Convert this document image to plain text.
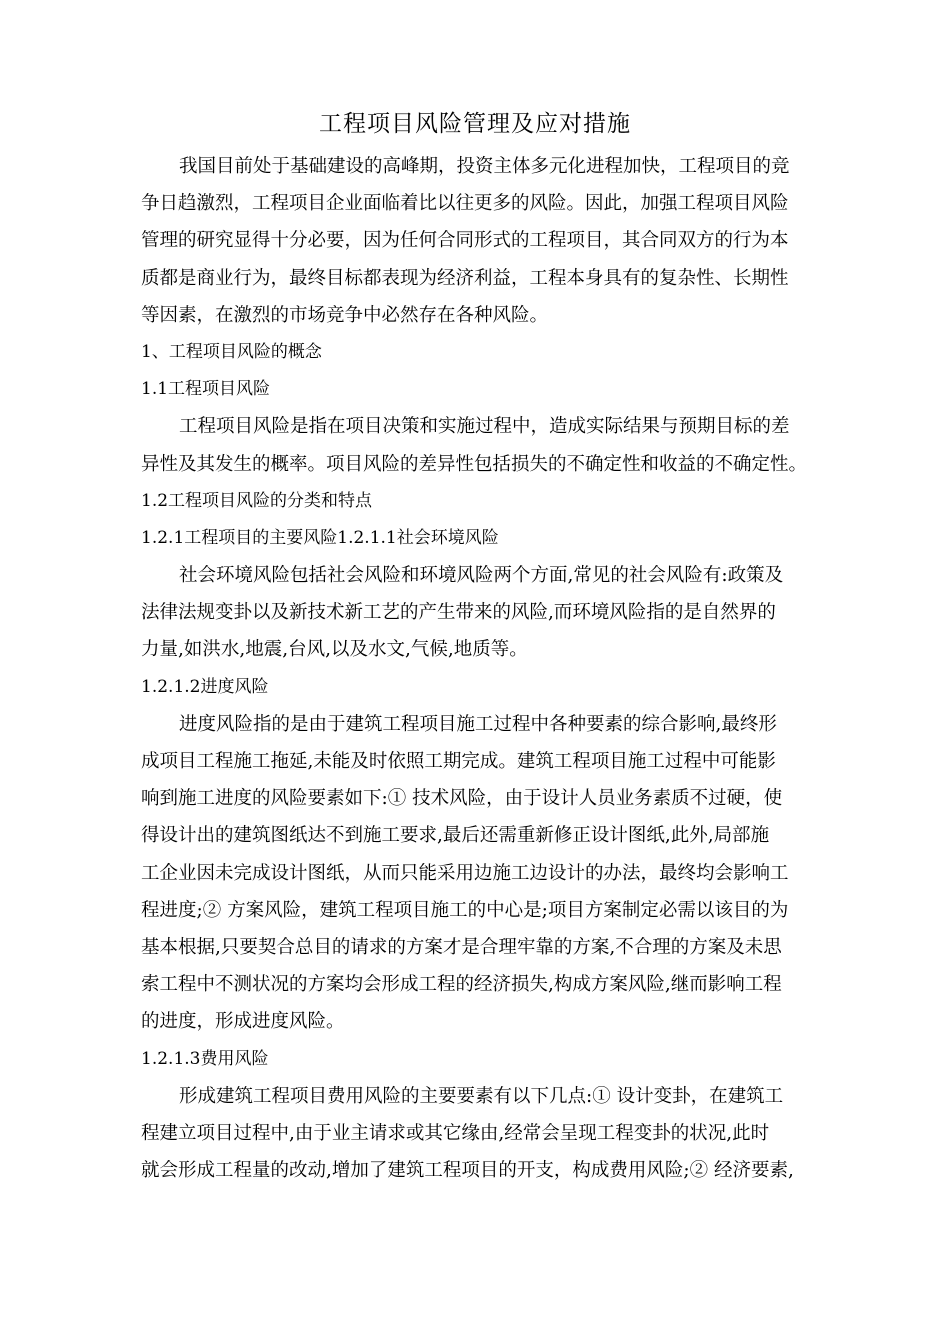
工程项目风险管理及应对措施
我国目前处于基础建设的高峰期，投资主体多元化进程加快，工程项目的竞
争日趋激烈，工程项目企业面临着比以往更多的风险。因此，加强工程项目风险
管理的研究显得十分必要，因为任何合同形式的工程项目，其合同双方的行为本
质都是商业行为，最终目标都表现为经济利益，工程本身具有的复杂性、长期性
等因素，在激烈的市场竞争中必然存在各种风险。
1、工程项目风险的概念
1.1工程项目风险
工程项目风险是指在项目决策和实施过程中，造成实际结果与预期目标的差
异性及其发生的概率。项目风险的差异性包括损失的不确定性和收益的不确定性。
1.2工程项目风险的分类和特点
1.2.1工程项目的主要风险1.2.1.1社会环境风险
社会环境风险包括社会风险和环境风险两个方面,常见的社会风险有:政策及
法律法规变卦以及新技术新工艺的产生带来的风险,而环境风险指的是自然界的
力量,如洪水,地震,台风,以及水文,气候,地质等。
1.2.1.2进度风险
进度风险指的是由于建筑工程项目施工过程中各种要素的综合影响,最终形
成项目工程施工拖延,未能及时依照工期完成。建筑工程项目施工过程中可能影
响到施工进度的风险要素如下:① 技术风险，由于设计人员业务素质不过硬，使
得设计出的建筑图纸达不到施工要求,最后还需重新修正设计图纸,此外,局部施
工企业因未完成设计图纸，从而只能采用边施工边设计的办法，最终均会影响工
程进度;② 方案风险，建筑工程项目施工的中心是;项目方案制定必需以该目的为
基本根据,只要契合总目的请求的方案才是合理牢靠的方案,不合理的方案及未思
索工程中不测状况的方案均会形成工程的经济损失,构成方案风险,继而影响工程
的进度，形成进度风险。
1.2.1.3费用风险
形成建筑工程项目费用风险的主要要素有以下几点:① 设计变卦，在建筑工
程建立项目过程中,由于业主请求或其它缘由,经常会呈现工程变卦的状况,此时
就会形成工程量的改动,增加了建筑工程项目的开支，构成费用风险;② 经济要素,
